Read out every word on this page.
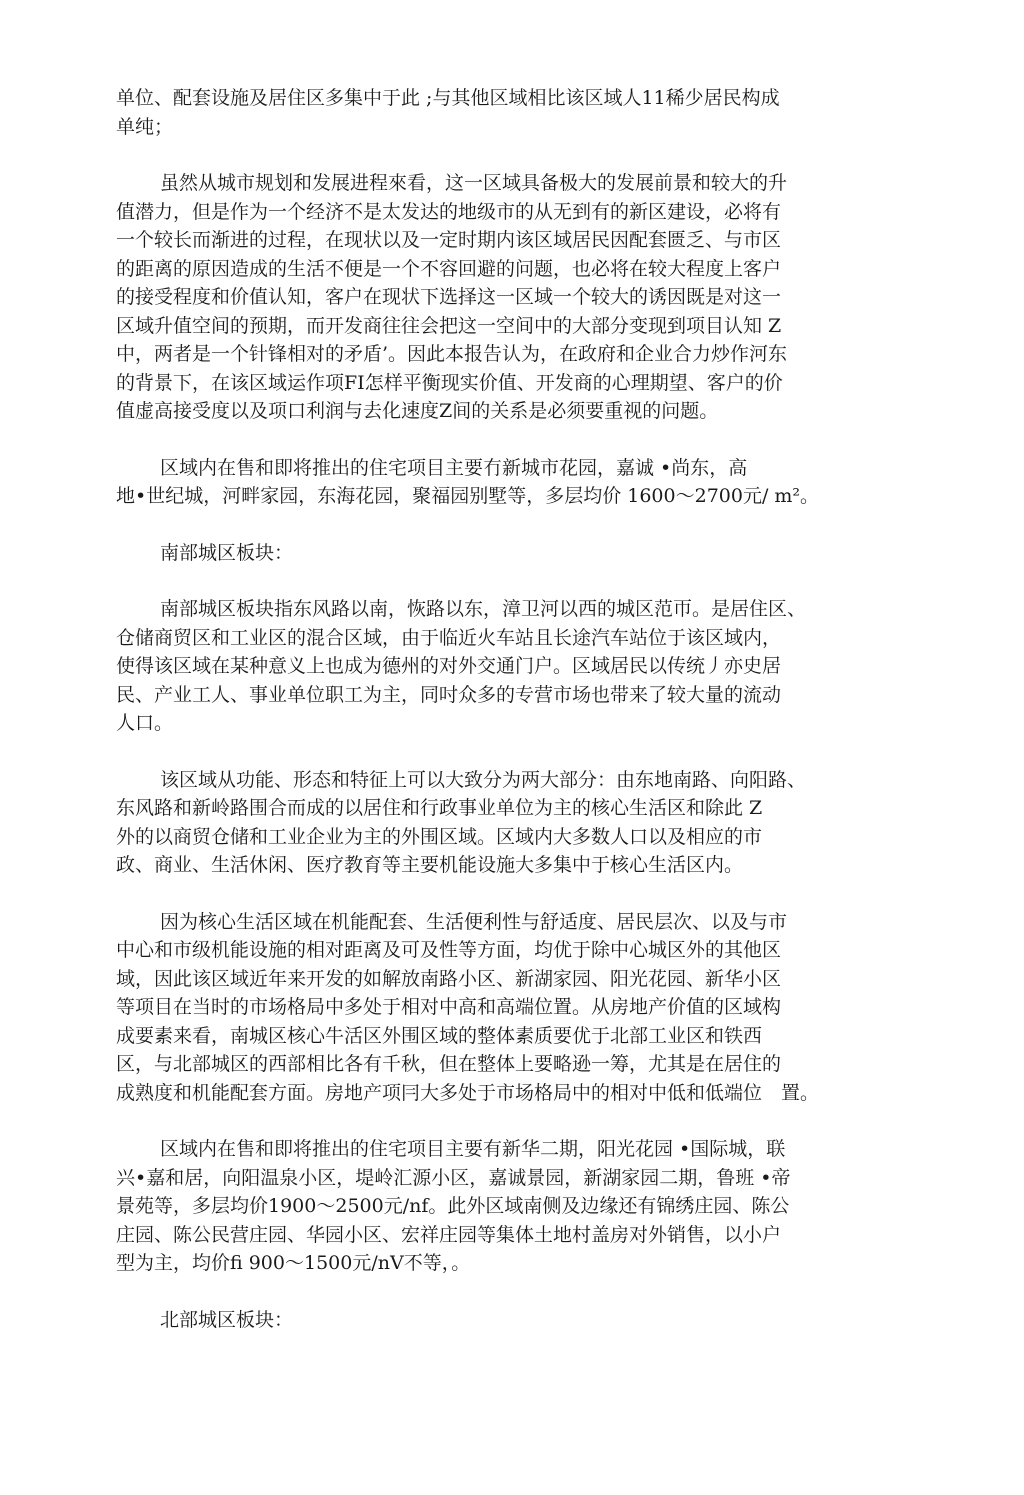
单位、配套设施及居住区多集中于此 ;与其他区域相比该区域人11稀少居民构成
单纯；

虽然从城市规划和发展进程來看，这一区域具备极大的发展前景和较大的升
值潜力，但是作为一个经济不是太发达的地级市的从无到有的新区建设，必将有
一个较长而渐进的过程，在现状以及一定时期内该区域居民因配套匮乏、与市区
的距离的原因造成的生活不便是一个不容回避的问题，也必将在较大程度上客户
的接受程度和价值认知，客户在现状下选择这一区域一个较大的诱因既是对这一
区域升值空间的预期，而开发商往往会把这一空间中的大部分变现到项目认知 Z
中，两者是一个针锋相对的矛盾’。因此本报告认为，在政府和企业合力炒作河东
的背景下，在该区域运作项FI怎样平衡现实价值、开发商的心理期望、客户的价
值虚高接受度以及项口利润与去化速度Z间的关系是必须要重视的问题。

区域内在售和即将推出的住宅项目主要冇新城市花园，嘉诚 •尚东，高
地•世纪城，河畔家园，东海花园，聚福园别墅等，多层均价 1600〜2700元/ m²。

南部城区板块：

南部城区板块指东风路以南，恢路以东，漳卫河以西的城区范帀。是居住区、
仓储商贸区和工业区的混合区域，由于临近火车站且长途汽车站位于该区域内，
使得该区域在某种意义上也成为德州的对外交通门户。区域居民以传统丿亦史居
民、产业工人、事业单位职工为主，同吋众多的专营市场也带来了较大量的流动
人口。

该区域从功能、形态和特征上可以大致分为两大部分：由东地南路、向阳路、
东风路和新岭路围合而成的以居住和行政事业单位为主的核心生活区和除此 Z
外的以商贸仓储和工业企业为主的外围区域。区域内大多数人口以及相应的市
政、商业、生活休闲、医疗教育等主要机能设施大多集中于核心生活区内。

因为核心生活区域在机能配套、生活便利性与舒适度、居民层次、以及与市
中心和市级机能设施的相对距离及可及性等方面，均优于除中心城区外的其他区
域，因此该区域近年来开发的如解放南路小区、新湖家园、阳光花园、新华小区
等项目在当时的市场格局中多处于相对中高和高端位置。从房地产价值的区域构
成要素来看，南城区核心牛活区外围区域的整体素质要优于北部工业区和铁西
区，与北部城区的西部相比各有千秋，但在整体上要略逊一筹，尤其是在居住的
成熟度和机能配套方面。房地产项冃大多处于市场格局中的相对中低和低端位　置。

区域内在售和即将推出的住宅项目主要有新华二期，阳光花园 •国际城，联
兴•嘉和居，向阳温泉小区，堤岭汇源小区，嘉诚景园，新湖家园二期，鲁班 •帝
景苑等，多层均价1900〜2500元/nf。此外区域南侧及边缘还有锦绣庄园、陈公
庄园、陈公民营庄园、华园小区、宏祥庄园等集体土地村盖房对外销售，以小户
型为主，均价fi 900〜1500元/nV不等，。

北部城区板块：
